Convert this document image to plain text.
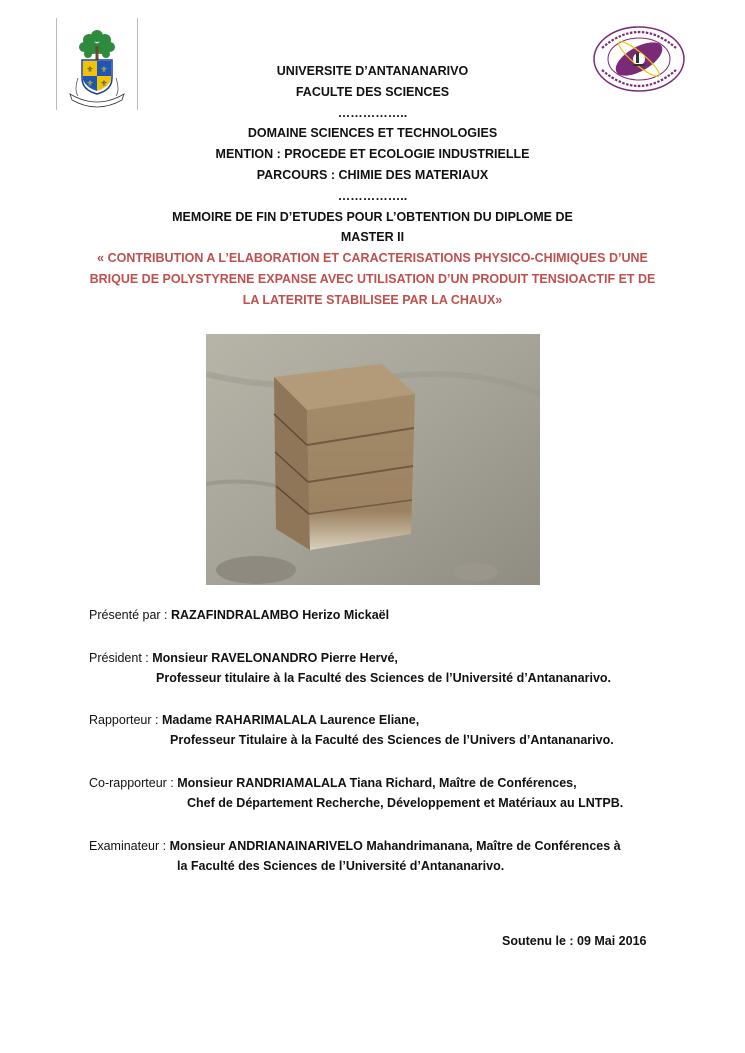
⚜ ⚜
⚜ ⚜
UNIVERSITE D’ANTANANARIVO
FACULTE DES SCIENCES
……………..
DOMAINE SCIENCES ET TECHNOLOGIES
MENTION : PROCEDE ET ECOLOGIE INDUSTRIELLE
PARCOURS : CHIMIE DES MATERIAUX
……………..
MEMOIRE DE FIN D’ETUDES POUR L’OBTENTION DU DIPLOME DE
MASTER II
« CONTRIBUTION A L’ELABORATION ET CARACTERISATIONS PHYSICO-CHIMIQUES D’UNE
BRIQUE DE POLYSTYRENE EXPANSE AVEC UTILISATION D’UN PRODUIT TENSIOACTIF ET DE
LA LATERITE STABILISEE PAR LA CHAUX»
Présenté par : RAZAFINDRALAMBO Herizo Mickaël
Président : Monsieur RAVELONANDRO Pierre Hervé,
Professeur titulaire à la Faculté des Sciences de l’Université d’Antananarivo.
Rapporteur : Madame RAHARIMALALA Laurence Eliane,
Professeur Titulaire à la Faculté des Sciences de l’Univers d’Antananarivo.
Co-rapporteur : Monsieur RANDRIAMALALA Tiana Richard, Maître de Conférences,
Chef de Département Recherche, Développement et Matériaux au LNTPB.
Examinateur : Monsieur ANDRIANAINARIVELO Mahandrimanana, Maître de Conférences à
la Faculté des Sciences de l’Université d’Antananarivo.
Soutenu le : 09 Mai 2016
